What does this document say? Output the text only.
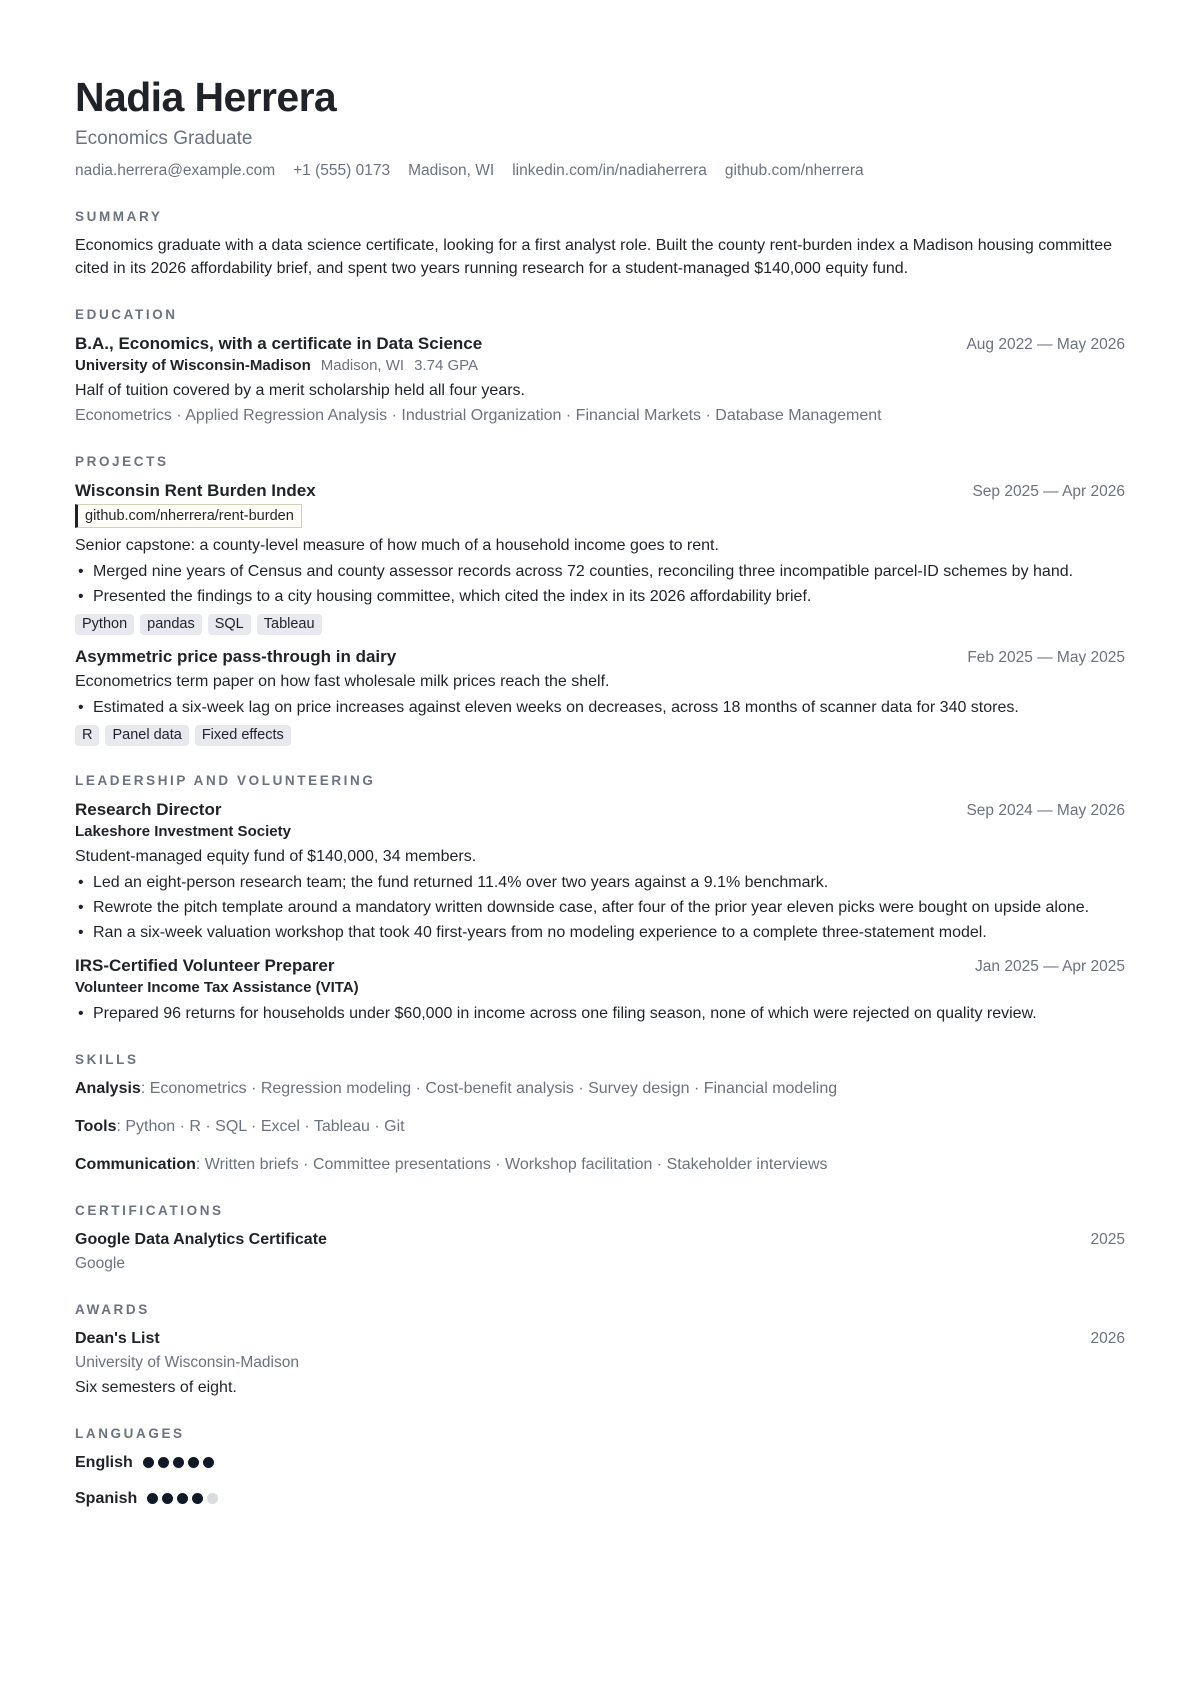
Nadia Herrera
Economics Graduate
nadia.herrera@example.com +1 (555) 0173 Madison, WI linkedin.com/in/nadiaherrera github.com/nherrera
SUMMARY

Economics graduate with a data science certificate, looking for a first analyst role. Built the county rent-burden index a Madison housing committee cited in its 2026 affordability brief, and spent two years running research for a student-managed $140,000 equity fund.

EDUCATION
B.A., Economics, with a certificate in Data Science	Aug 2022 — May 2026
University of Wisconsin-Madison Madison, WI 3.74 GPA
Half of tuition covered by a merit scholarship held all four years.
Econometrics · Applied Regression Analysis · Industrial Organization · Financial Markets · Database Management
PROJECTS
Wisconsin Rent Burden Index	Sep 2025 — Apr 2026
github.com/nherrera/rent-burden
Senior capstone: a county-level measure of how much of a household income goes to rent.
• Merged nine years of Census and county assessor records across 72 counties, reconciling three incompatible parcel-ID schemes by hand.
• Presented the findings to a city housing committee, which cited the index in its 2026 affordability brief.
Python	pandas	SQL	Tableau
Asymmetric price pass-through in dairy	Feb 2025 — May 2025
Econometrics term paper on how fast wholesale milk prices reach the shelf.
• Estimated a six-week lag on price increases against eleven weeks on decreases, across 18 months of scanner data for 340 stores.
R	Panel data	Fixed effects
LEADERSHIP AND VOLUNTEERING
Research Director	Sep 2024 — May 2026
Lakeshore Investment Society
Student-managed equity fund of $140,000, 34 members.
• Led an eight-person research team; the fund returned 11.4% over two years against a 9.1% benchmark.
• Rewrote the pitch template around a mandatory written downside case, after four of the prior year eleven picks were bought on upside alone.
• Ran a six-week valuation workshop that took 40 first-years from no modeling experience to a complete three-statement model.
IRS-Certified Volunteer Preparer	Jan 2025 — Apr 2025
Volunteer Income Tax Assistance (VITA)
• Prepared 96 returns for households under $60,000 in income across one filing season, none of which were rejected on quality review.
SKILLS
Analysis: Econometrics · Regression modeling · Cost-benefit analysis · Survey design · Financial modeling
Tools: Python · R · SQL · Excel · Tableau · Git
Communication: Written briefs · Committee presentations · Workshop facilitation · Stakeholder interviews
CERTIFICATIONS
Google Data Analytics Certificate	2025
Google
AWARDS
Dean's List	2026
University of Wisconsin-Madison
Six semesters of eight.
LANGUAGES
English
Spanish
